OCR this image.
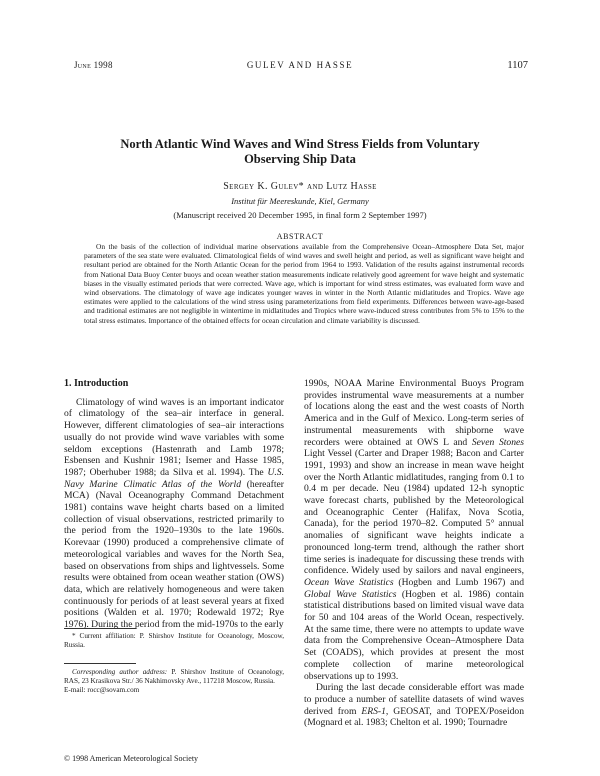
June 1998	GULEV AND HASSE	1107
North Atlantic Wind Waves and Wind Stress Fields from Voluntary Observing Ship Data
Sergey K. Gulev* and Lutz Hasse
Institut für Meereskunde, Kiel, Germany
(Manuscript received 20 December 1995, in final form 2 September 1997)
ABSTRACT
On the basis of the collection of individual marine observations available from the Comprehensive Ocean–Atmosphere Data Set, major parameters of the sea state were evaluated. Climatological fields of wind waves and swell height and period, as well as significant wave height and resultant period are obtained for the North Atlantic Ocean for the period from 1964 to 1993. Validation of the results against instrumental records from National Data Buoy Center buoys and ocean weather station measurements indicate relatively good agreement for wave height and systematic biases in the visually estimated periods that were corrected. Wave age, which is important for wind stress estimates, was evaluated form wave and wind observations. The climatology of wave age indicates younger waves in winter in the North Atlantic midlatitudes and Tropics. Wave age estimates were applied to the calculations of the wind stress using parameterizations from field experiments. Differences between wave-age-based and traditional estimates are not negligible in wintertime in midlatitudes and Tropics where wave-induced stress contributes from 5% to 15% to the total stress estimates. Importance of the obtained effects for ocean circulation and climate variability is discussed.
1. Introduction

Climatology of wind waves is an important indicator of climatology of the sea–air interface in general. However, different climatologies of sea–air interactions usually do not provide wind wave variables with some seldom exceptions (Hastenrath and Lamb 1978; Esbensen and Kushnir 1981; Isemer and Hasse 1985, 1987; Oberhuber 1988; da Silva et al. 1994). The U.S. Navy Marine Climatic Atlas of the World (hereafter MCA) (Naval Oceanography Command Detachment 1981) contains wave height charts based on a limited collection of visual observations, restricted primarily to the period from the 1920–1930s to the late 1960s. Korevaar (1990) produced a comprehensive climate of meteorological variables and waves for the North Sea, based on observations from ships and lightvessels. Some results were obtained from ocean weather station (OWS) data, which are relatively homogeneous and were taken continuously for periods of at least several years at fixed positions (Walden et al. 1970; Rodewald 1972; Rye 1976). During the period from the mid-1970s to the early

1990s, NOAA Marine Environmental Buoys Program provides instrumental wave measurements at a number of locations along the east and the west coasts of North America and in the Gulf of Mexico. Long-term series of instrumental measurements with shipborne wave recorders were obtained at OWS L and Seven Stones Light Vessel (Carter and Draper 1988; Bacon and Carter 1991, 1993) and show an increase in mean wave height over the North Atlantic midlatitudes, ranging from 0.1 to 0.4 m per decade. Neu (1984) updated 12-h synoptic wave forecast charts, published by the Meteorological and Oceanographic Center (Halifax, Nova Scotia, Canada), for the period 1970–82. Computed 5° annual anomalies of significant wave heights indicate a pronounced long-term trend, although the rather short time series is inadequate for discussing these trends with confidence. Widely used by sailors and naval engineers, Ocean Wave Statistics (Hogben and Lumb 1967) and Global Wave Statistics (Hogben et al. 1986) contain statistical distributions based on limited visual wave data for 50 and 104 areas of the World Ocean, respectively. At the same time, there were no attempts to update wave data from the Comprehensive Ocean–Atmosphere Data Set (COADS), which provides at present the most complete collection of marine meteorological observations up to 1993.

During the last decade considerable effort was made to produce a number of satellite datasets of wind waves derived from ERS-1, GEOSAT, and TOPEX/Poseidon (Mognard et al. 1983; Chelton et al. 1990; Tournadre

* Current affiliation: P. Shirshov Institute for Oceanology, Moscow, Russia.
Corresponding author address: P. Shirshov Institute of Oceanology, RAS, 23 Krasikova Str./ 36 Nakhimovsky Ave., 117218 Moscow, Russia.
E-mail: rocc@sovam.com
© 1998 American Meteorological Society
